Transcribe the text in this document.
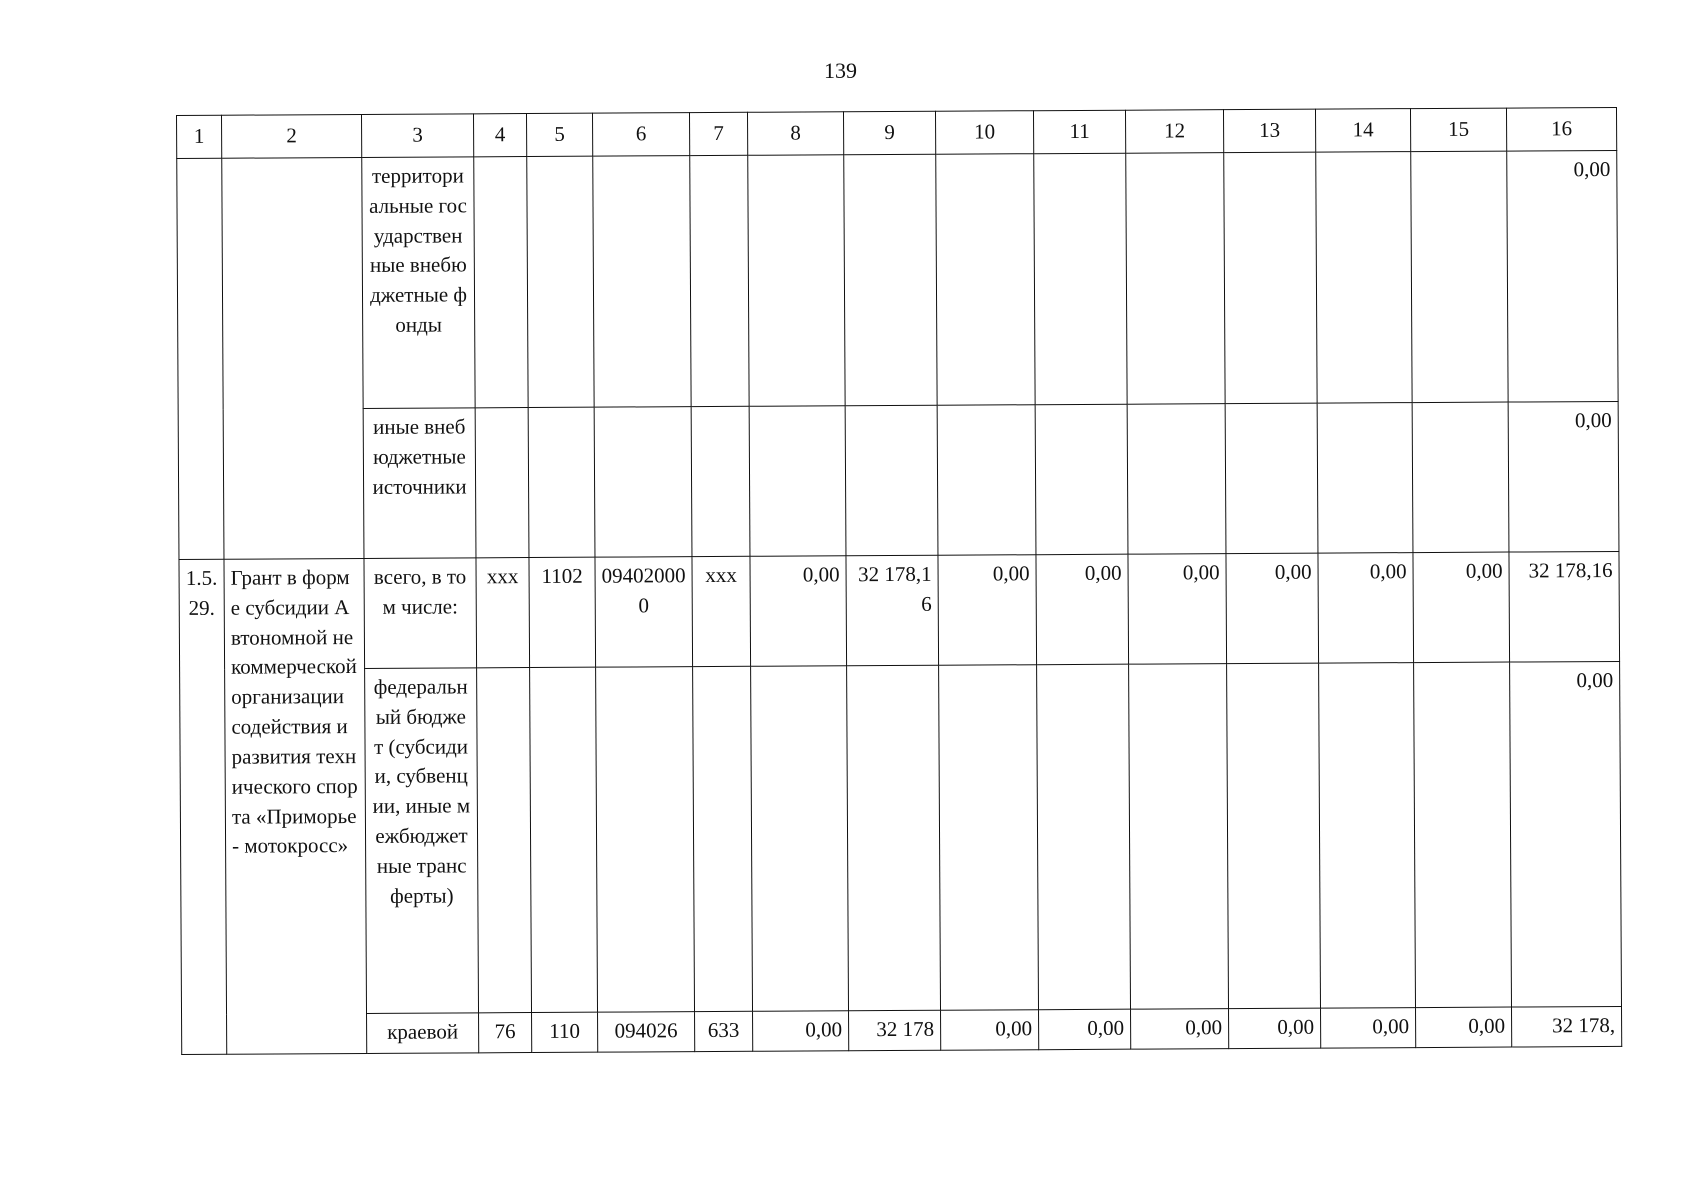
139
1	2	3	4	5	6	7	8	9	10	11	12	13	14	15	16
		территориальные государственные внебюджетные фонды													0,00
		иные внебюджетные источники													0,00
1.5.29.	Грант в форме субсидии Автономной некоммерческой организации содействия и развития технического спорта «Приморье - мотокросс»	всего, в том числе:	ххх	1102	094020000	ххх	0,00	32 178,16	0,00	0,00	0,00	0,00	0,00	0,00	32 178,16
		федеральный бюджет (субсидии, субвенции, иные межбюджетные трансферты)													0,00
		краевой	76	110	094026	633	0,00	32 178	0,00	0,00	0,00	0,00	0,00	0,00	32 178,
